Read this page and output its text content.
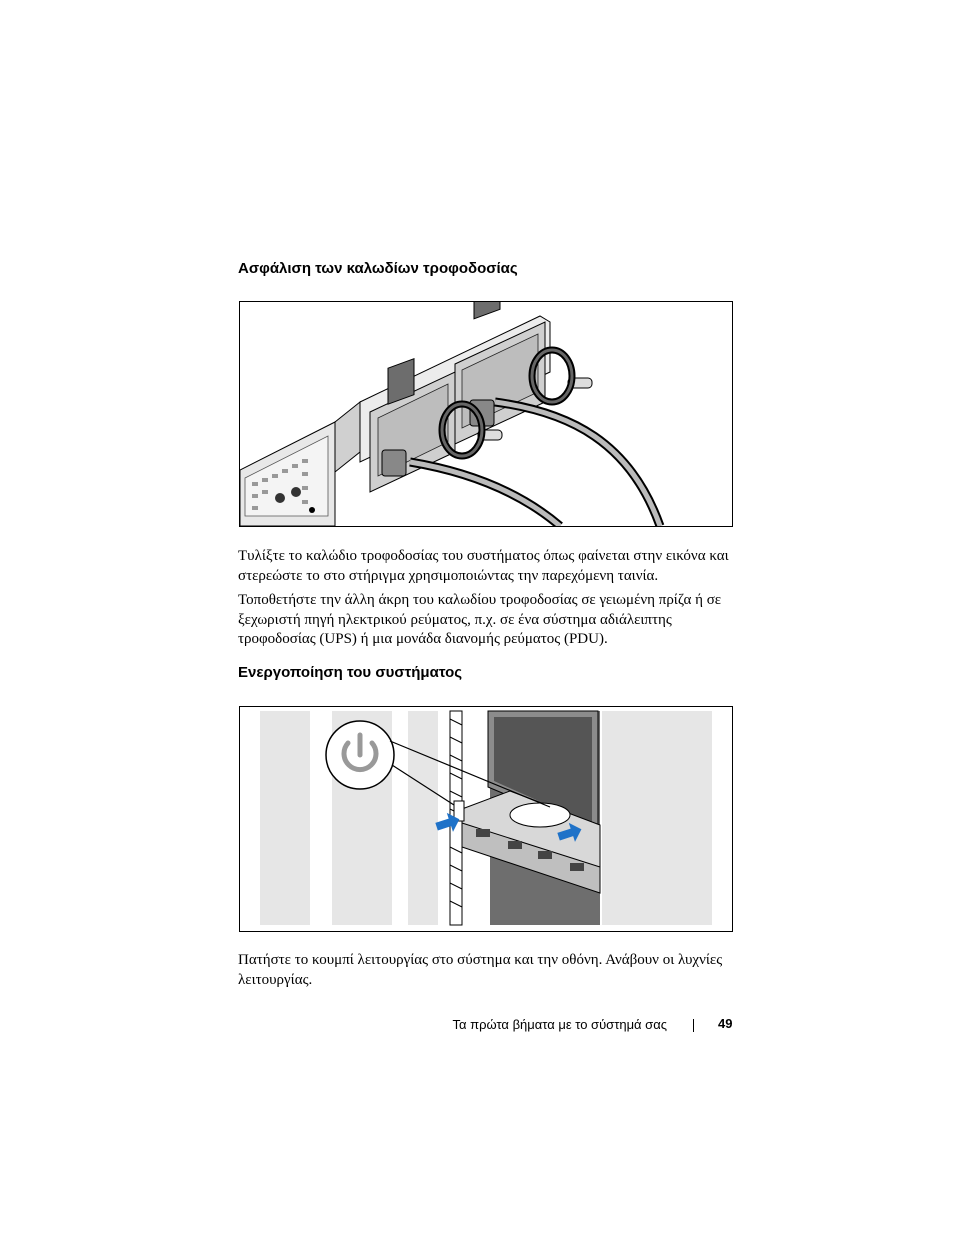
Ασφάλιση των καλωδίων τροφοδοσίας

Τυλίξτε το καλώδιο τροφοδοσίας του συστήματος όπως φαίνεται στην εικόνα και στερεώστε το στο στήριγμα χρησιμοποιώντας την παρεχόμενη ταινία.

Τοποθετήστε την άλλη άκρη του καλωδίου τροφοδοσίας σε γειωμένη πρίζα ή σε ξεχωριστή πηγή ηλεκτρικού ρεύματος, π.χ. σε ένα σύστημα αδιάλειπτης τροφοδοσίας (UPS) ή μια μονάδα διανομής ρεύματος (PDU).

Ενεργοποίηση του συστήματος

Πατήστε το κουμπί λειτουργίας στο σύστημα και την οθόνη. Ανάβουν οι λυχνίες λειτουργίας.

Τα πρώτα βήματα με το σύστημά σας	49
